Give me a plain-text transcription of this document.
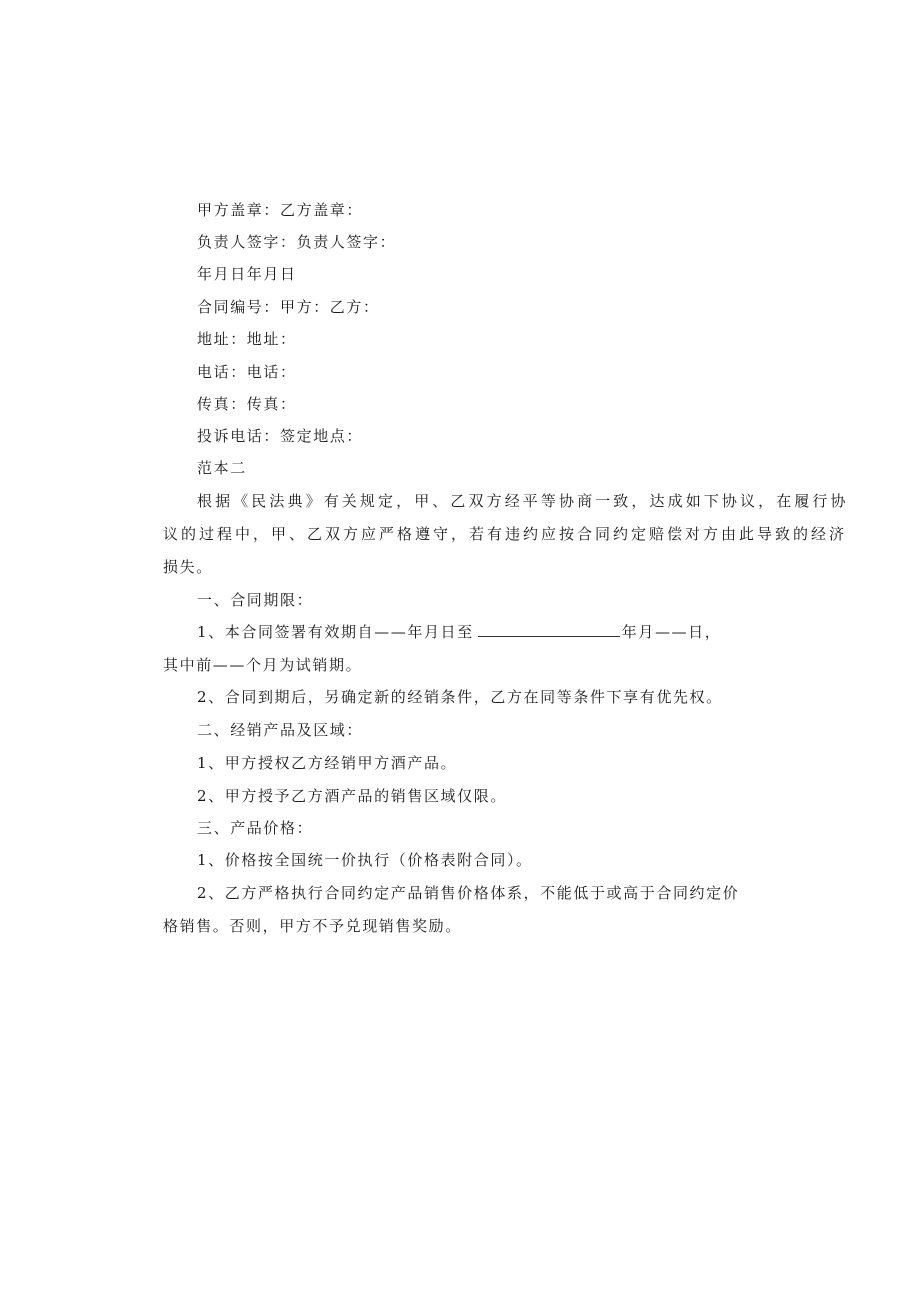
甲方盖章：乙方盖章：
负责人签字：负责人签字：
年月日年月日
合同编号：甲方：乙方：
地址：地址：
电话：电话：
传真：传真：
投诉电话：签定地点：
范本二
根据《民法典》有关规定，甲、乙双方经平等协商一致，达成如下协议，在履行协
议的过程中，甲、乙双方应严格遵守，若有违约应按合同约定赔偿对方由此导致的经济
损失。
一、合同期限：
1、本合同签署有效期自——年月日至	年月——日，
其中前——个月为试销期。
2、合同到期后，另确定新的经销条件，乙方在同等条件下享有优先权。
二、经销产品及区域：
1、甲方授权乙方经销甲方酒产品。
2、甲方授予乙方酒产品的销售区域仅限。
三、产品价格：
1、价格按全国统一价执行（价格表附合同）。
2、乙方严格执行合同约定产品销售价格体系，不能低于或高于合同约定价
格销售。否则，甲方不予兑现销售奖励。
